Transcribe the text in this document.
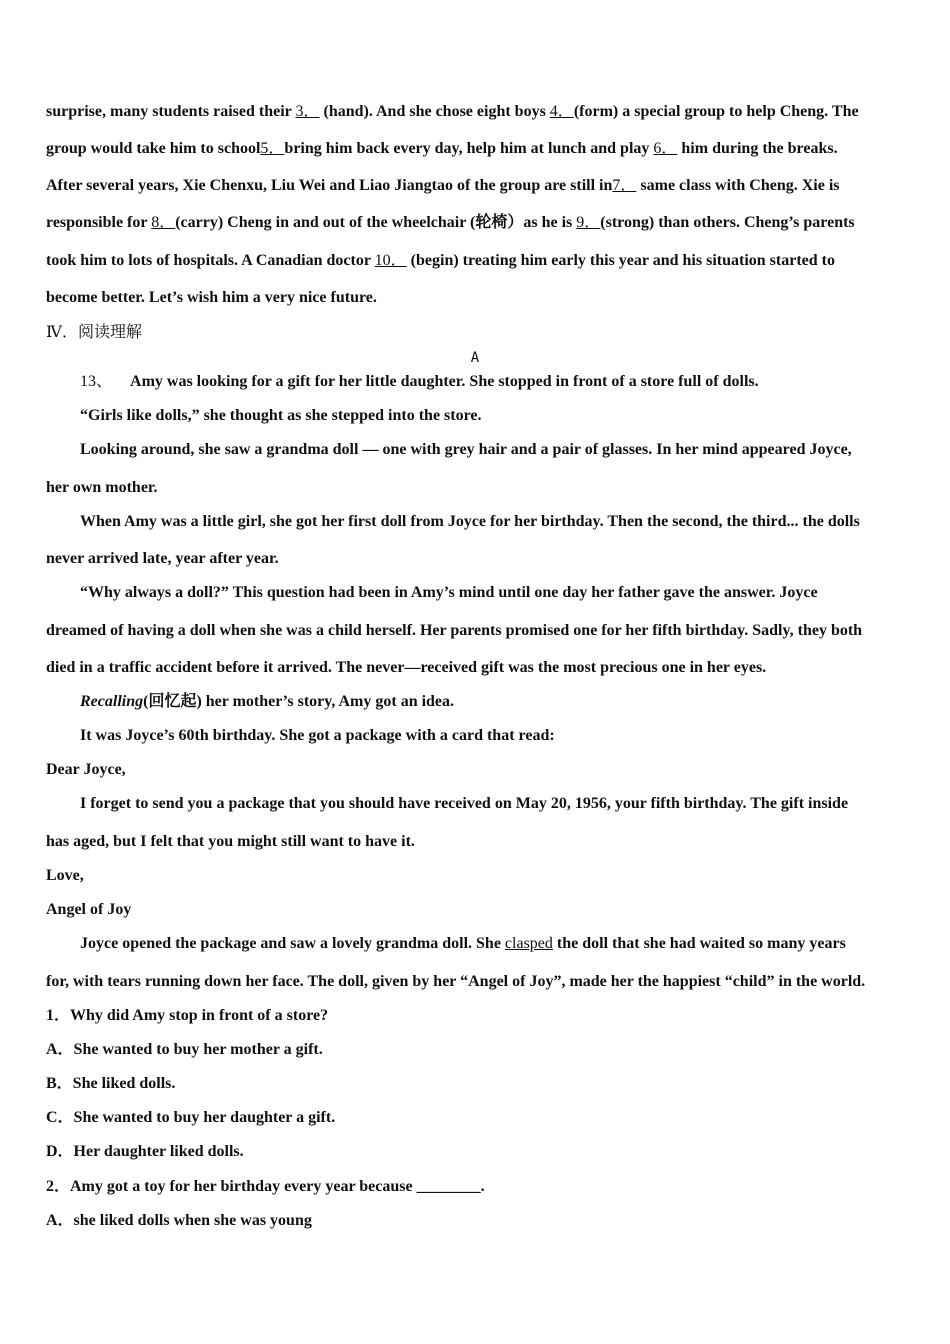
surprise, many students raised their 3． (hand). And she chose eight boys 4．(form) a special group to help Cheng. The
group would take him to school5．bring him back every day, help him at lunch and play 6． him during the breaks.
After several years, Xie Chenxu, Liu Wei and Liao Jiangtao of the group are still in7． same class with Cheng. Xie is
responsible for 8．(carry) Cheng in and out of the wheelchair (轮椅）as he is 9．(strong) than others. Cheng’s parents
took him to lots of hospitals. A Canadian doctor 10． (begin) treating him early this year and his situation started to
become better. Let’s wish him a very nice future.
Ⅳ．阅读理解
A
13、 Amy was looking for a gift for her little daughter. She stopped in front of a store full of dolls.
“Girls like dolls,” she thought as she stepped into the store.
Looking around, she saw a grandma doll — one with grey hair and a pair of glasses. In her mind appeared Joyce,
her own mother.
When Amy was a little girl, she got her first doll from Joyce for her birthday. Then the second, the third... the dolls
never arrived late, year after year.
“Why always a doll?” This question had been in Amy’s mind until one day her father gave the answer. Joyce
dreamed of having a doll when she was a child herself. Her parents promised one for her fifth birthday. Sadly, they both
died in a traffic accident before it arrived. The never—received gift was the most precious one in her eyes.
Recalling(回忆起) her mother’s story, Amy got an idea.
It was Joyce’s 60th birthday. She got a package with a card that read:
Dear Joyce,
I forget to send you a package that you should have received on May 20, 1956, your fifth birthday. The gift inside
has aged, but I felt that you might still want to have it.
Love,
Angel of Joy
Joyce opened the package and saw a lovely grandma doll. She clasped the doll that she had waited so many years
for, with tears running down her face. The doll, given by her “Angel of Joy”, made her the happiest “child” in the world.
1．Why did Amy stop in front of a store?
A．She wanted to buy her mother a gift.
B．She liked dolls.
C．She wanted to buy her daughter a gift.
D．Her daughter liked dolls.
2．Amy got a toy for her birthday every year because ________.
A．she liked dolls when she was young
